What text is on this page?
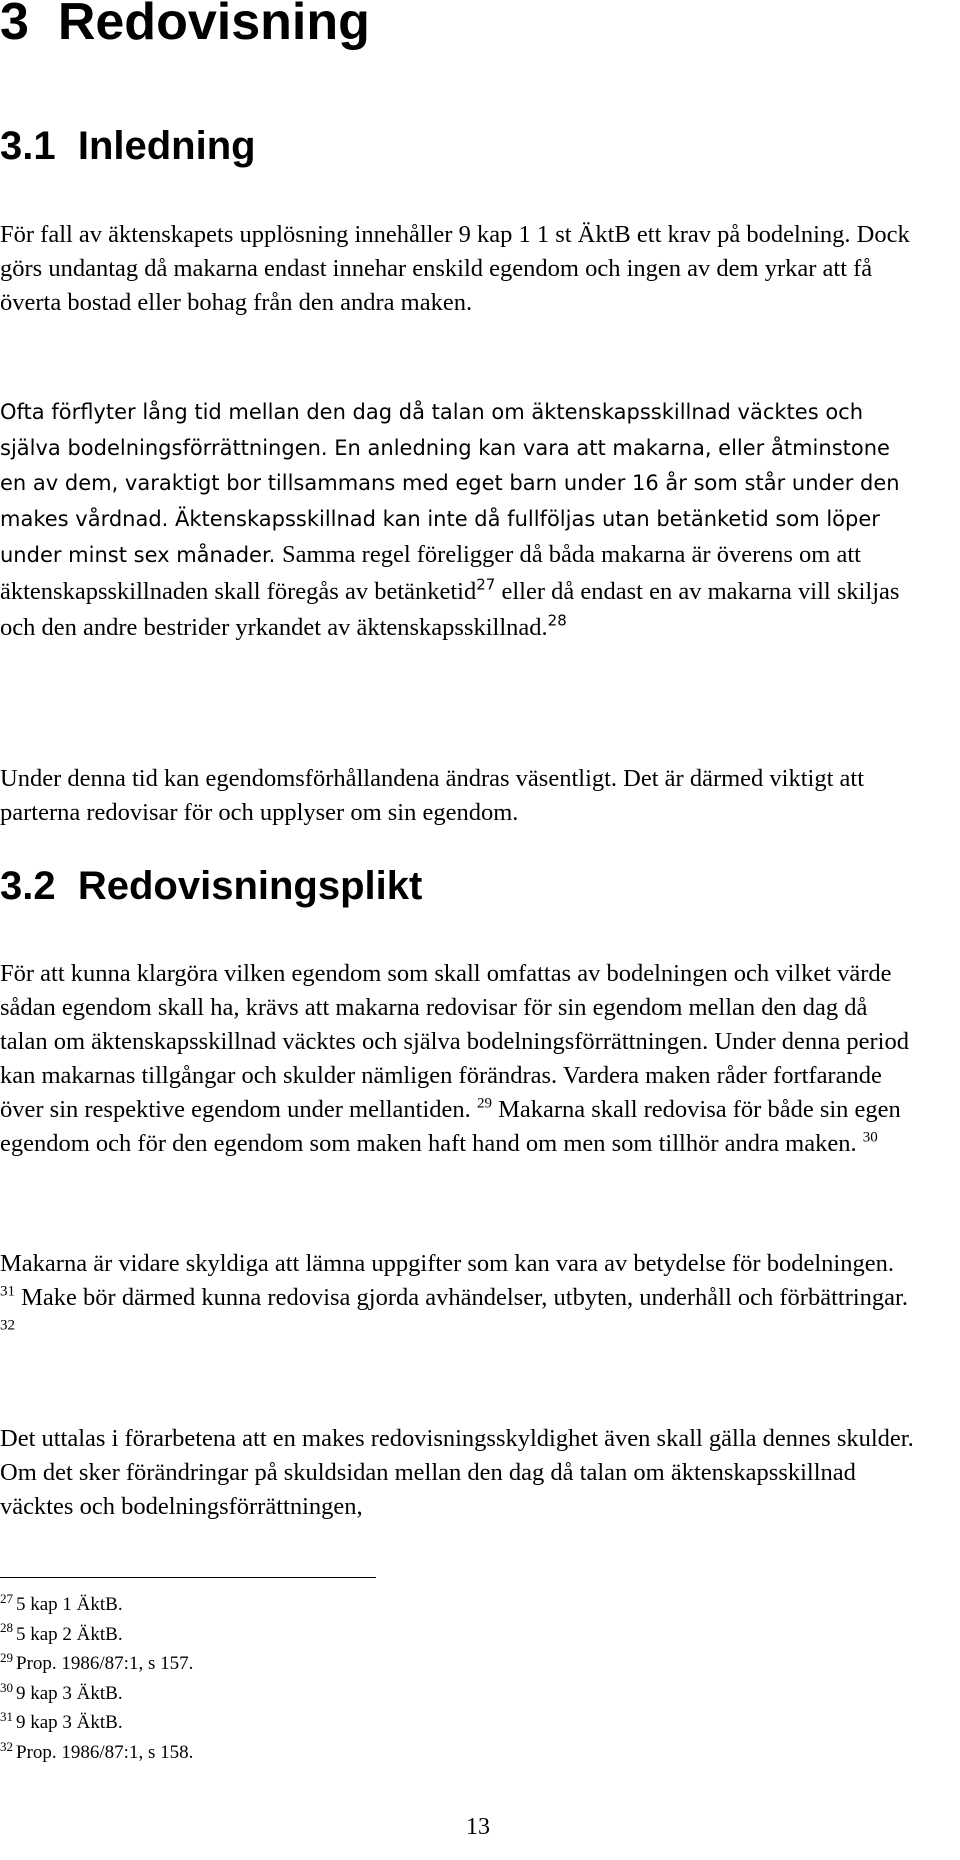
3 Redovisning
3.1 Inledning

För fall av äktenskapets upplösning innehåller 9 kap 1 1 st ÄktB ett krav på bodelning. Dock görs undantag då makarna endast innehar enskild egendom och ingen av dem yrkar att få överta bostad eller bohag från den andra maken.

Ofta förflyter lång tid mellan den dag då talan om äktenskapsskillnad väcktes och själva bodelningsförrättningen. En anledning kan vara att makarna, eller åtminstone en av dem, varaktigt bor tillsammans med eget barn under 16 år som står under den makes vårdnad. Äktenskapsskillnad kan inte då fullföljas utan betänketid som löper under minst sex månader. Samma regel föreligger då båda makarna är överens om att äktenskapsskillnaden skall föregås av betänketid$^{27}$ eller då endast en av makarna vill skiljas och den andre bestrider yrkandet av äktenskapsskillnad.$^{28}$

Under denna tid kan egendomsförhållandena ändras väsentligt. Det är därmed viktigt att parterna redovisar för och upplyser om sin egendom.

3.2 Redovisningsplikt

För att kunna klargöra vilken egendom som skall omfattas av bodelningen och vilket värde sådan egendom skall ha, krävs att makarna redovisar för sin egendom mellan den dag då talan om äktenskapsskillnad väcktes och själva bodelningsförrättningen. Under denna period kan makarnas tillgångar och skulder nämligen förändras. Vardera maken råder fortfarande över sin respektive egendom under mellantiden. $^{29}$ Makarna skall redovisa för både sin egen egendom och för den egendom som maken haft hand om men som tillhör andra maken. $^{30}$

Makarna är vidare skyldiga att lämna uppgifter som kan vara av betydelse för bodelningen. $^{31}$ Make bör därmed kunna redovisa gjorda avhändelser, utbyten, underhåll och förbättringar. $^{32}$

Det uttalas i förarbetena att en makes redovisningsskyldighet även skall gälla dennes skulder. Om det sker förändringar på skuldsidan mellan den dag då talan om äktenskapsskillnad väcktes och bodelningsförrättningen,

$^{27}$ 5 kap 1 ÄktB.
$^{28}$ 5 kap 2 ÄktB.
$^{29}$ Prop. 1986/87:1, s 157.
$^{30}$ 9 kap 3 ÄktB.
$^{31}$ 9 kap 3 ÄktB.
$^{32}$ Prop. 1986/87:1, s 158.
13
